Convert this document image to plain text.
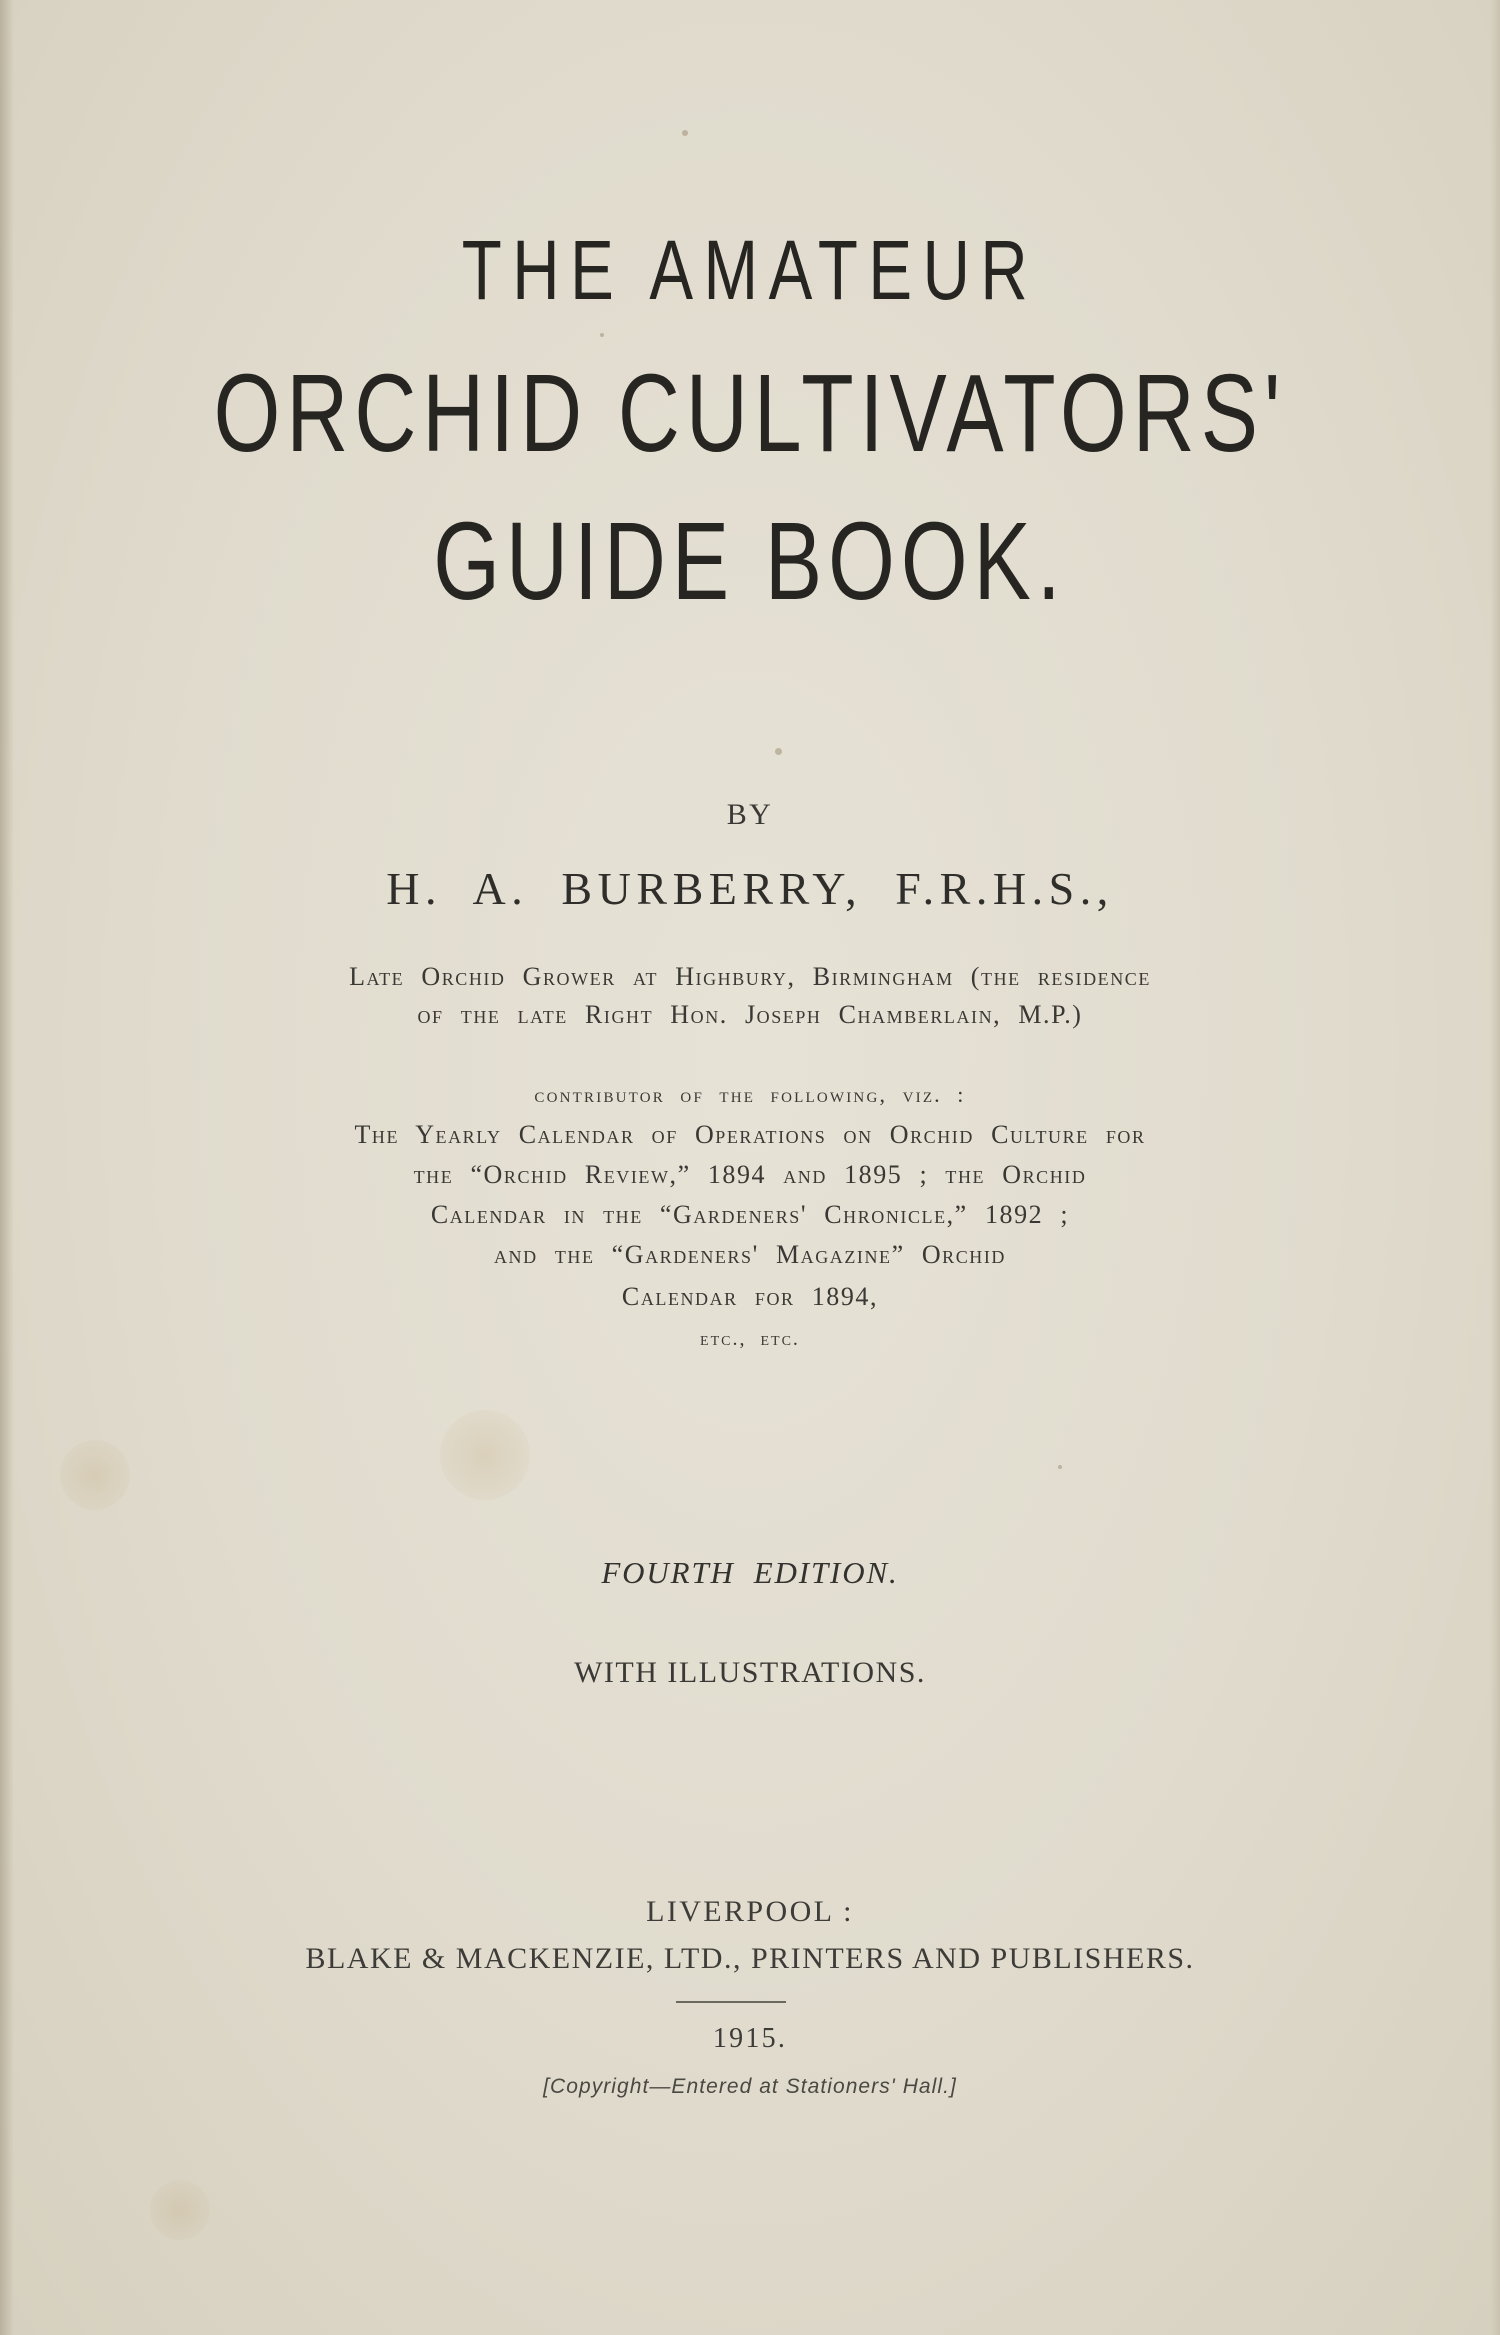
THE AMATEUR
ORCHID CULTIVATORS'
GUIDE BOOK.
BY
H. A. BURBERRY, F.R.H.S.,
Late Orchid Grower at Highbury, Birmingham (the residence
of the late Right Hon. Joseph Chamberlain, M.P.)
contributor of the following, viz. :
The Yearly Calendar of Operations on Orchid Culture for
the “Orchid Review,” 1894 and 1895 ; the Orchid
Calendar in the “Gardeners' Chronicle,” 1892 ;
and the “Gardeners' Magazine” Orchid
Calendar for 1894,
etc., etc.
FOURTH EDITION.
WITH ILLUSTRATIONS.
LIVERPOOL :
BLAKE & MACKENZIE, LTD., PRINTERS AND PUBLISHERS.
1915.
[Copyright—Entered at Stationers' Hall.]
